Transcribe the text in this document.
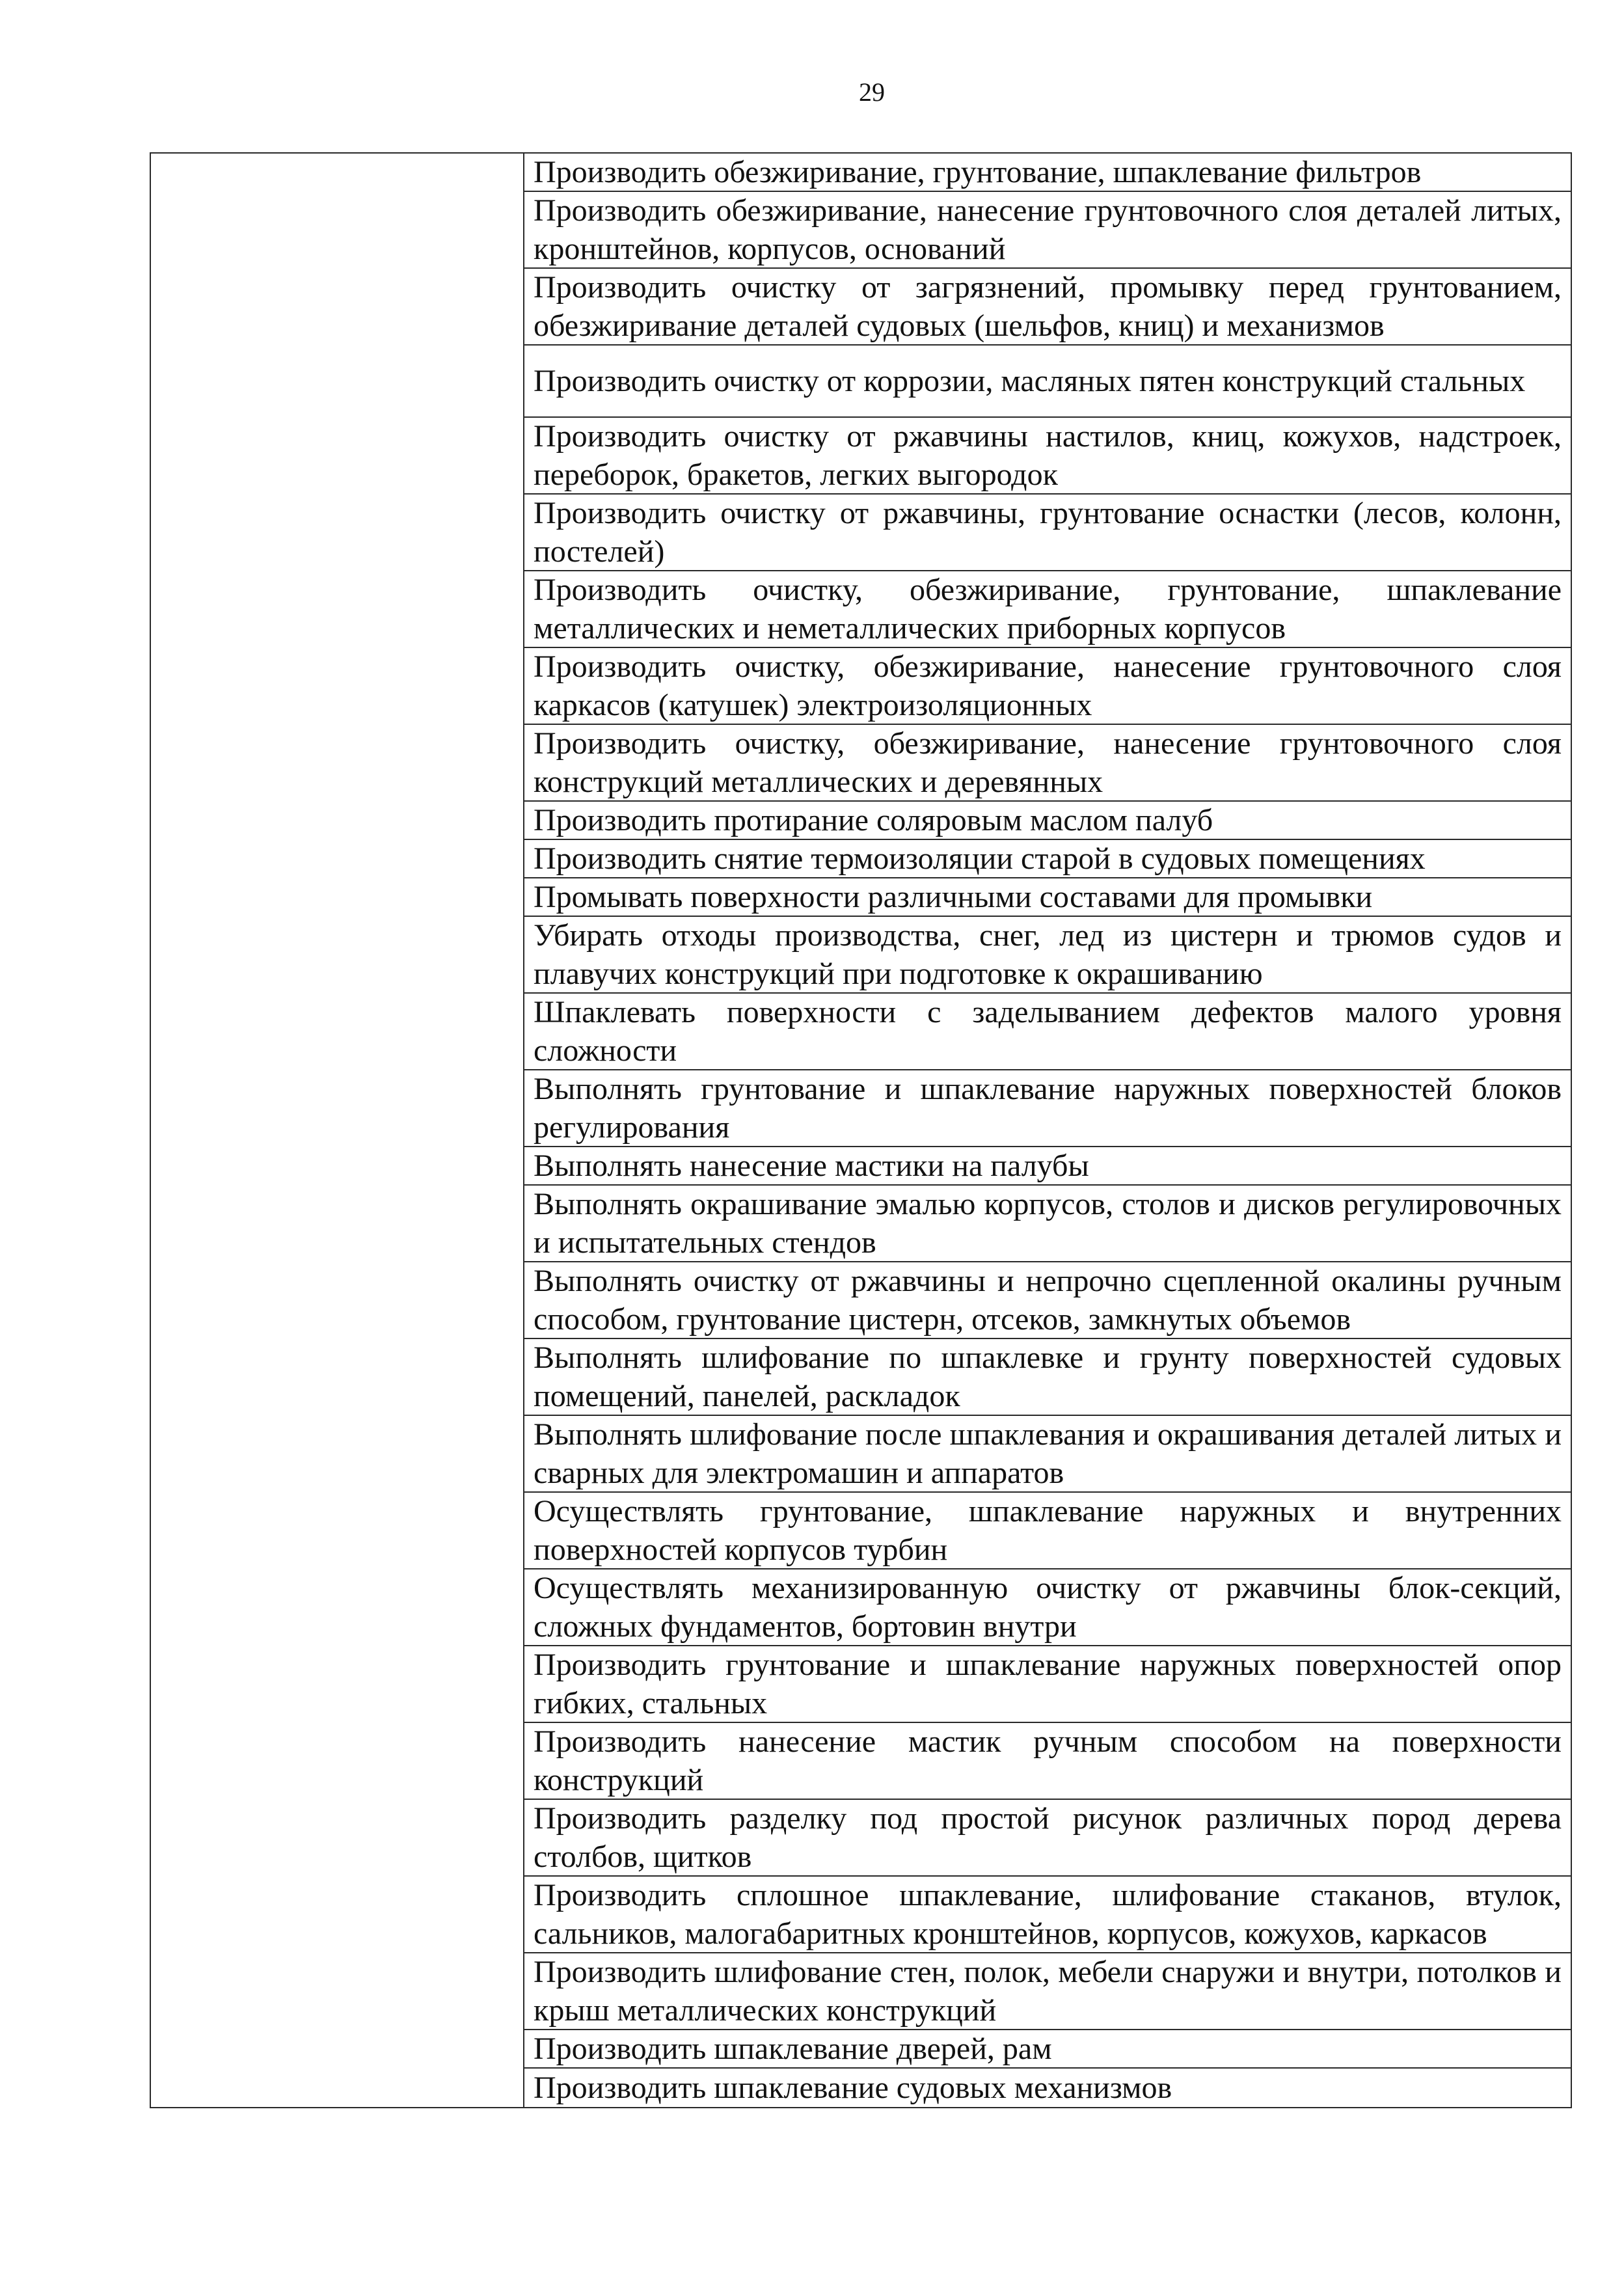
29
Производить обезжиривание, грунтование, шпаклевание фильтров
Производить обезжиривание, нанесение грунтовочного слоя деталей литых, кронштейнов, корпусов, оснований
Производить очистку от загрязнений, промывку перед грунтованием, обезжиривание деталей судовых (шельфов, книц) и механизмов
Производить очистку от коррозии, масляных пятен конструкций стальных
Производить очистку от ржавчины настилов, книц, кожухов, надстроек, переборок, бракетов, легких выгородок
Производить очистку от ржавчины, грунтование оснастки (лесов, колонн, постелей)
Производить очистку, обезжиривание, грунтование, шпаклевание металлических и неметаллических приборных корпусов
Производить очистку, обезжиривание, нанесение грунтовочного слоя каркасов (катушек) электроизоляционных
Производить очистку, обезжиривание, нанесение грунтовочного слоя конструкций металлических и деревянных
Производить протирание соляровым маслом палуб
Производить снятие термоизоляции старой в судовых помещениях
Промывать поверхности различными составами для промывки
Убирать отходы производства, снег, лед из цистерн и трюмов судов и плавучих конструкций при подготовке к окрашиванию
Шпаклевать поверхности с заделыванием дефектов малого уровня сложности
Выполнять грунтование и шпаклевание наружных поверхностей блоков регулирования
Выполнять нанесение мастики на палубы
Выполнять окрашивание эмалью корпусов, столов и дисков регулировочных и испытательных стендов
Выполнять очистку от ржавчины и непрочно сцепленной окалины ручным способом, грунтование цистерн, отсеков, замкнутых объемов
Выполнять шлифование по шпаклевке и грунту поверхностей судовых помещений, панелей, раскладок
Выполнять шлифование после шпаклевания и окрашивания деталей литых и сварных для электромашин и аппаратов
Осуществлять грунтование, шпаклевание наружных и внутренних поверхностей корпусов турбин
Осуществлять механизированную очистку от ржавчины блок-секций, сложных фундаментов, бортовин внутри
Производить грунтование и шпаклевание наружных поверхностей опор гибких, стальных
Производить нанесение мастик ручным способом на поверхности конструкций
Производить разделку под простой рисунок различных пород дерева столбов, щитков
Производить сплошное шпаклевание, шлифование стаканов, втулок, сальников, малогабаритных кронштейнов, корпусов, кожухов, каркасов
Производить шлифование стен, полок, мебели снаружи и внутри, потолков и крыш металлических конструкций
Производить шпаклевание дверей, рам
Производить шпаклевание судовых механизмов
